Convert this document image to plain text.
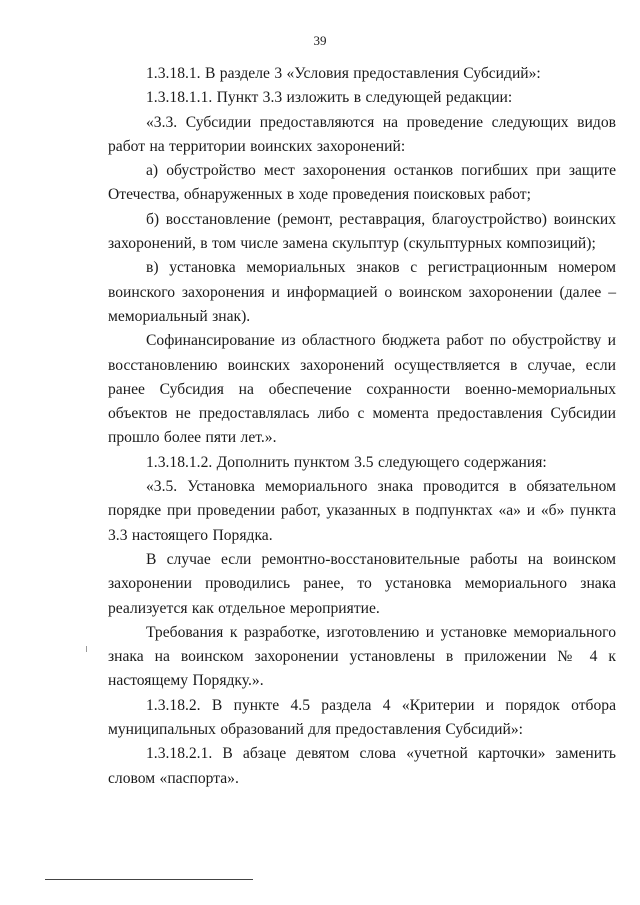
39

1.3.18.1. В разделе 3 «Условия предоставления Субсидий»:

1.3.18.1.1. Пункт 3.3 изложить в следующей редакции:

«3.3. Субсидии предоставляются на проведение следующих видов работ на территории воинских захоронений:

а) обустройство мест захоронения останков погибших при защите Отечества, обнаруженных в ходе проведения поисковых работ;

б) восстановление (ремонт, реставрация, благоустройство) воинских захоронений, в том числе замена скульптур (скульптурных композиций);

в) установка мемориальных знаков с регистрационным номером воинского захоронения и информацией о воинском захоронении (далее – мемориальный знак).

Софинансирование из областного бюджета работ по обустройству и восстановлению воинских захоронений осуществляется в случае, если ранее Субсидия на обеспечение сохранности военно-мемориальных объектов не предоставлялась либо с момента предоставления Субсидии прошло более пяти лет.».

1.3.18.1.2. Дополнить пунктом 3.5 следующего содержания:

«3.5. Установка мемориального знака проводится в обязательном порядке при проведении работ, указанных в подпунктах «а» и «б» пункта 3.3 настоящего Порядка.

В случае если ремонтно-восстановительные работы на воинском захоронении проводились ранее, то установка мемориального знака реализуется как отдельное мероприятие.

Требования к разработке, изготовлению и установке мемориального знака на воинском захоронении установлены в приложении № 4 к настоящему Порядку.».

1.3.18.2. В пункте 4.5 раздела 4 «Критерии и порядок отбора муниципальных образований для предоставления Субсидий»:

1.3.18.2.1. В абзаце девятом слова «учетной карточки» заменить словом «паспорта».
